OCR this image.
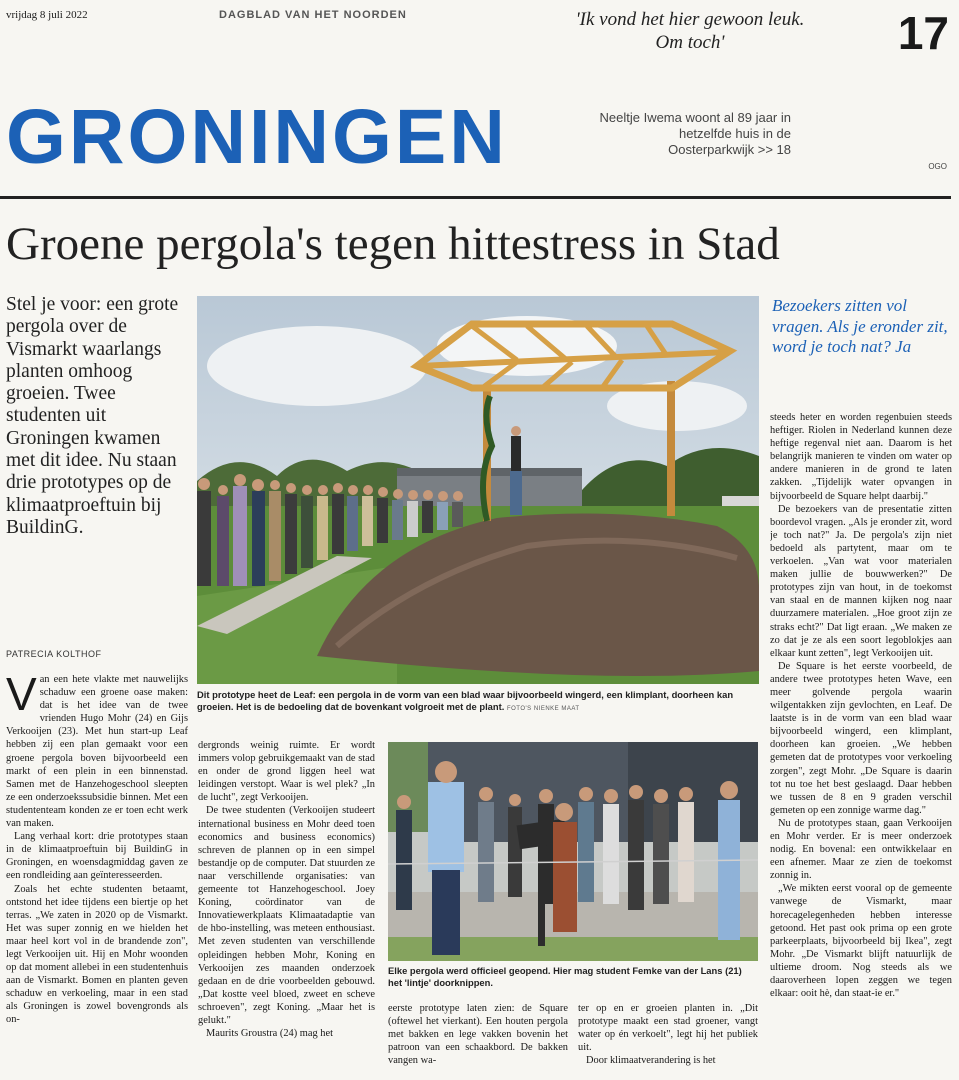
vrijdag 8 juli 2022	DAGBLAD VAN HET NOORDEN	'Ik vond het hier gewoon leuk. Om toch'	17
GRONINGEN	Neeltje Iwema woont al 89 jaar in hetzelfde huis in de Oosterparkwijk >> 18
OGO
Groene pergola's tegen hittestress in Stad
Stel je voor: een grote pergola over de Vismarkt waarlangs planten omhoog groeien. Twee studenten uit Groningen kwamen met dit idee. Nu staan drie prototypes op de klimaatproeftuin bij BuildinG.
PATRECIA KOLTHOF
Dit prototype heet de Leaf: een pergola in de vorm van een blad waar bijvoorbeeld wingerd, een klimplant, doorheen kan groeien. Het is de bedoeling dat de bovenkant volgroeit met de plant. FOTO'S NIENKE MAAT
Bezoekers zitten vol vragen. Als je eronder zit, word je toch nat? Ja

Van een hete vlakte met nauwelijks schaduw een groene oase maken: dat is het idee van de twee vrienden Hugo Mohr (24) en Gijs Verkooijen (23). Met hun start-up Leaf hebben zij een plan gemaakt voor een groene pergola boven bijvoorbeeld een markt of een plein in een binnenstad. Samen met de Hanzehogeschool sleepten ze een onderzoekssubsidie binnen. Met een studententeam konden ze er toen echt werk van maken.

Lang verhaal kort: drie prototypes staan in de klimaatproeftuin bij BuildinG in Groningen, en woensdagmiddag gaven ze een rondleiding aan geïnteresseerden.

Zoals het echte studenten betaamt, ontstond het idee tijdens een biertje op het terras. „We zaten in 2020 op de Vismarkt. Het was super zonnig en we hielden het maar heel kort vol in de brandende zon", legt Verkooijen uit. Hij en Mohr woonden op dat moment allebei in een studentenhuis aan de Vismarkt. Bomen en planten geven schaduw en verkoeling, maar in een stad als Groningen is zowel bovengronds als on-

dergronds weinig ruimte. Er wordt immers volop gebruikgemaakt van de stad en onder de grond liggen heel wat leidingen verstopt. Waar is wel plek? „In de lucht", zegt Verkooijen.

De twee studenten (Verkooijen studeert international business en Mohr deed toen economics and business economics) schreven de plannen op in een simpel bestandje op de computer. Dat stuurden ze naar verschillende organisaties: van gemeente tot Hanzehogeschool. Joey Koning, coördinator van de Innovatiewerkplaats Klimaatadaptie van de hbo-instelling, was meteen enthousiast. Met zeven studenten van verschillende opleidingen hebben Mohr, Koning en Verkooijen zes maanden onderzoek gedaan en de drie voorbeelden gebouwd. „Dat kostte veel bloed, zweet en scheve schroeven", zegt Koning. „Maar het is gelukt."

Maurits Groustra (24) mag het

Elke pergola werd officieel geopend. Hier mag student Femke van der Lans (21) het 'lintje' doorknippen.

eerste prototype laten zien: de Square (oftewel het vierkant). Een houten pergola met bakken en lege vakken bovenin het patroon van een schaakbord. De bakken vangen wa-

ter op en er groeien planten in. „Dit prototype maakt een stad groener, vangt water op én verkoelt", legt hij het publiek uit.

Door klimaatverandering is het

steeds heter en worden regenbuien steeds heftiger. Riolen in Nederland kunnen deze heftige regenval niet aan. Daarom is het belangrijk manieren te vinden om water op andere manieren in de grond te laten zakken. „Tijdelijk water opvangen in bijvoorbeeld de Square helpt daarbij."

De bezoekers van de presentatie zitten boordevol vragen. „Als je eronder zit, word je toch nat?" Ja. De pergola's zijn niet bedoeld als partytent, maar om te verkoelen. „Van wat voor materialen maken jullie de bouwwerken?" De prototypes zijn van hout, in de toekomst van staal en de mannen kijken nog naar duurzamere materialen. „Hoe groot zijn ze straks echt?" Dat ligt eraan. „We maken ze zo dat je ze als een soort legoblokjes aan elkaar kunt zetten", legt Verkooijen uit.

De Square is het eerste voorbeeld, de andere twee prototypes heten Wave, een meer golvende pergola waarin wilgentakken zijn gevlochten, en Leaf. De laatste is in de vorm van een blad waar bijvoorbeeld wingerd, een klimplant, doorheen kan groeien. „We hebben gemeten dat de prototypes voor verkoeling zorgen", zegt Mohr. „De Square is daarin tot nu toe het best geslaagd. Daar hebben we tussen de 8 en 9 graden verschil gemeten op een zonnige warme dag."

Nu de prototypes staan, gaan Verkooijen en Mohr verder. Er is meer onderzoek nodig. En bovenal: een ontwikkelaar en een afnemer. Maar ze zien de toekomst zonnig in.

„We mikten eerst vooral op de gemeente vanwege de Vismarkt, maar horecagelegenheden hebben interesse getoond. Het past ook prima op een grote parkeerplaats, bijvoorbeeld bij Ikea", zegt Mohr. „De Vismarkt blijft natuurlijk de ultieme droom. Nog steeds als we daaroverheen lopen zeggen we tegen elkaar: ooit hè, dan staat-ie er."
